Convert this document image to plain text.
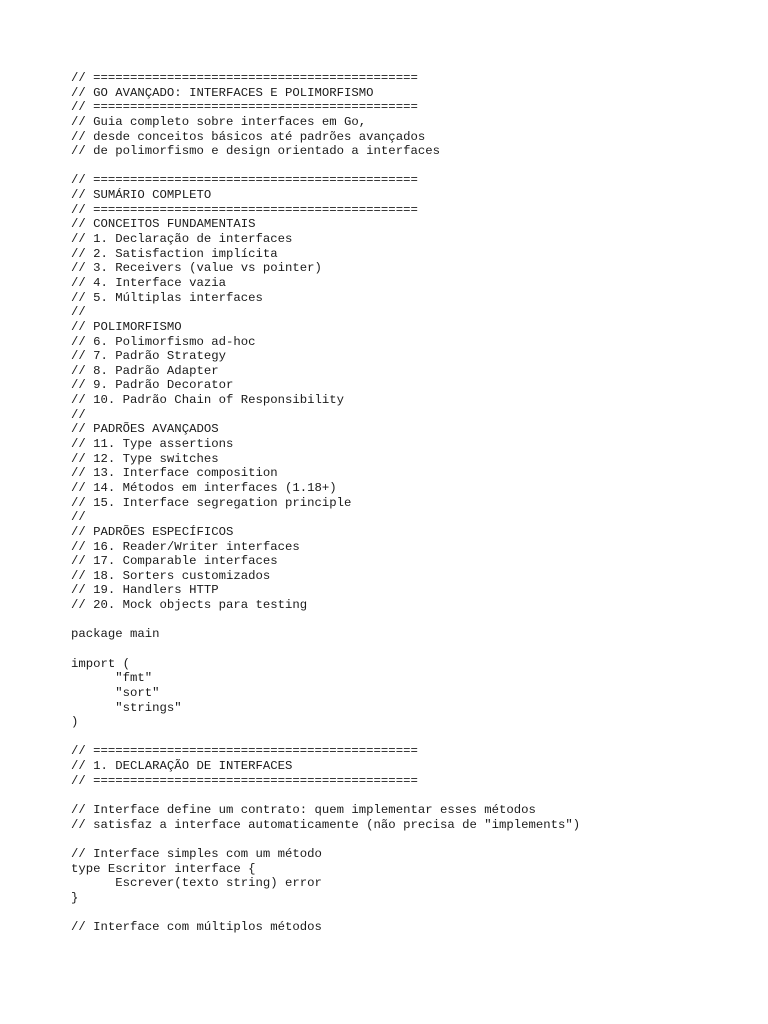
// ============================================
// GO AVANÇADO: INTERFACES E POLIMORFISMO
// ============================================
// Guia completo sobre interfaces em Go,
// desde conceitos básicos até padrões avançados
// de polimorfismo e design orientado a interfaces
// ============================================
// SUMÁRIO COMPLETO
// ============================================
// CONCEITOS FUNDAMENTAIS
// 1. Declaração de interfaces
// 2. Satisfaction implícita
// 3. Receivers (value vs pointer)
// 4. Interface vazia
// 5. Múltiplas interfaces
//
// POLIMORFISMO
// 6. Polimorfismo ad-hoc
// 7. Padrão Strategy
// 8. Padrão Adapter
// 9. Padrão Decorator
// 10. Padrão Chain of Responsibility
//
// PADRÕES AVANÇADOS
// 11. Type assertions
// 12. Type switches
// 13. Interface composition
// 14. Métodos em interfaces (1.18+)
// 15. Interface segregation principle
//
// PADRÕES ESPECÍFICOS
// 16. Reader/Writer interfaces
// 17. Comparable interfaces
// 18. Sorters customizados
// 19. Handlers HTTP
// 20. Mock objects para testing
package main
import (
"fmt"
"sort"
"strings"
)
// ============================================
// 1. DECLARAÇÃO DE INTERFACES
// ============================================
// Interface define um contrato: quem implementar esses métodos
// satisfaz a interface automaticamente (não precisa de "implements")
// Interface simples com um método
type Escritor interface {
Escrever(texto string) error
}
// Interface com múltiplos métodos
